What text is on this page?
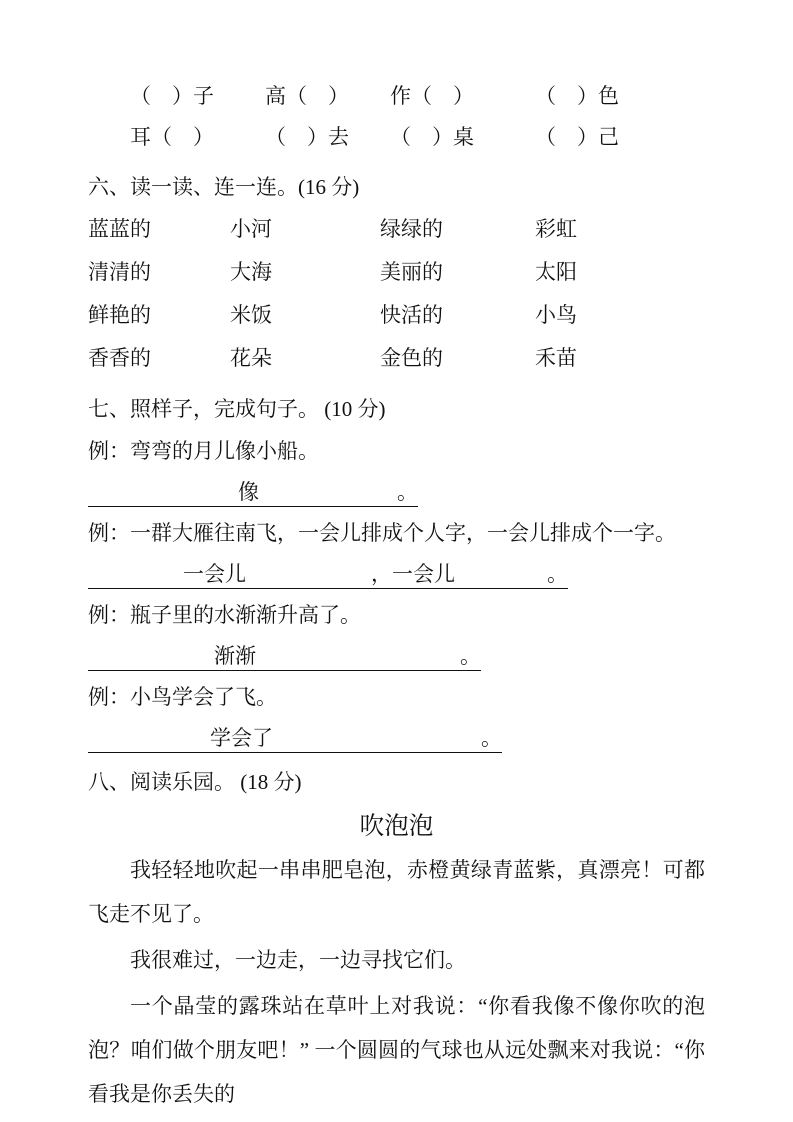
（　）子	高（　）	作（　）	（　）色
耳（　）	（　）去	（　）桌	（　）己
六、读一读、连一连。(16 分)
蓝蓝的	小河	绿绿的	彩虹
清清的	大海	美丽的	太阳
鲜艳的	米饭	快活的	小鸟
香香的	花朵	金色的	禾苗
七、照样子，完成句子。 (10 分)

例：弯弯的月儿像小船。

像	。

例：一群大雁往南飞，一会儿排成个人字，一会儿排成个一字。

一会儿	，一会儿	。

例：瓶子里的水渐渐升高了。

渐渐	。

例：小鸟学会了飞。

学会了	。
八、阅读乐园。 (18 分)
吹泡泡

我轻轻地吹起一串串肥皂泡，赤橙黄绿青蓝紫，真漂亮！可都飞走不见了。

我很难过，一边走，一边寻找它们。

一个晶莹的露珠站在草叶上对我说：“你看我像不像你吹的泡泡？咱们做个朋友吧！” 一个圆圆的气球也从远处飘来对我说：“你看我是你丢失的
